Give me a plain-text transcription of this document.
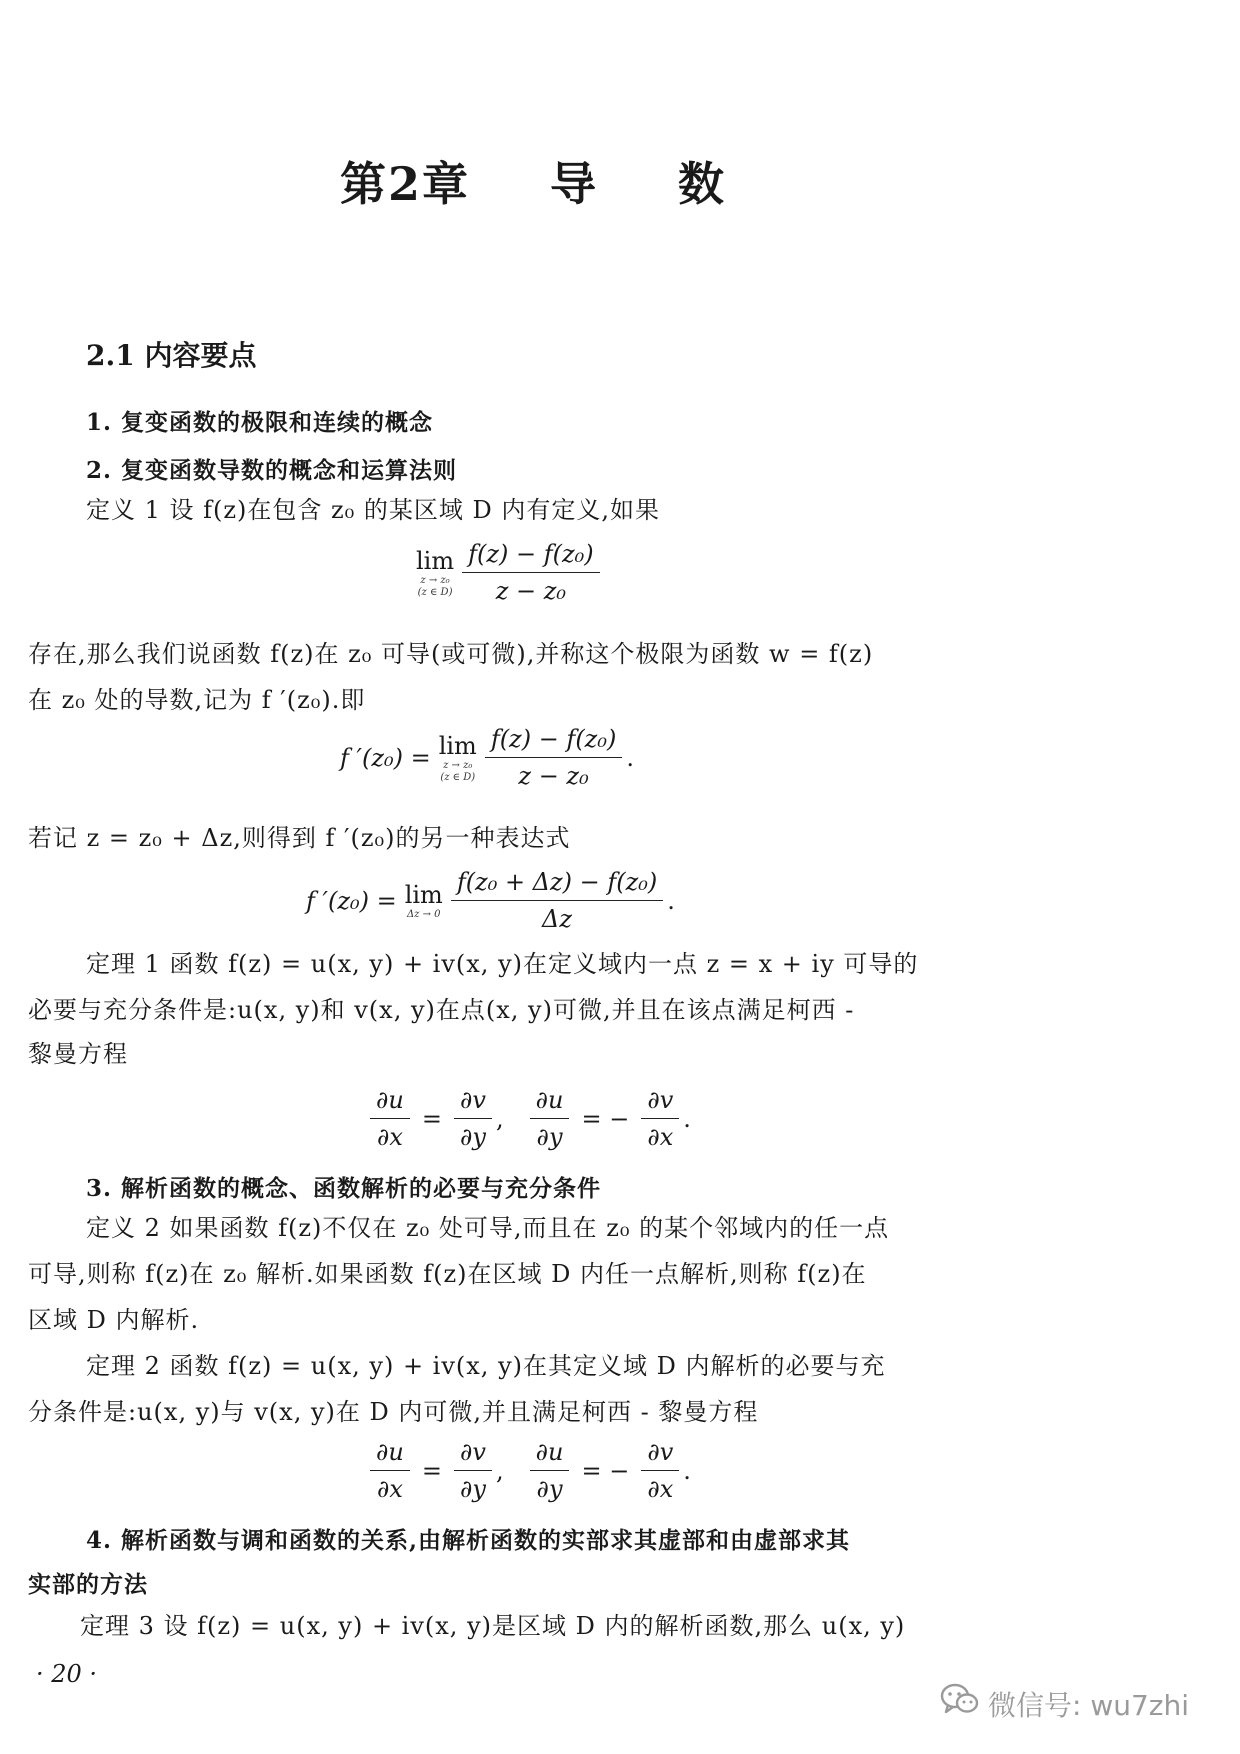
第2章 导 数
2.1 内容要点
1. 复变函数的极限和连续的概念
2. 复变函数导数的概念和运算法则
定义 1 设 f(z)在包含 z₀ 的某区域 D 内有定义,如果
lim
z → z₀
(z ∈ $D) \frac{\text{f(z) − f(z₀)}}{\text{z − z₀}}$
存在,那么我们说函数 f(z)在 z₀ 可导(或可微),并称这个极限为函数 w = f(z)
在 z₀ 处的导数,记为 f ′(z₀).即
f ′(z₀) = lim
z → z₀
(z ∈ $D) \frac{\text{f(z) − f(z₀)}}{\text{z − z₀}}$ .
若记 z = z₀ + Δz,则得到 f ′(z₀)的另一种表达式
f ′(z₀) = lim
$\Delta z \to 0 \frac{\text{f(z₀ + Δz) − f(z₀)}}{\Delta z}$ .
定理 1 函数 f(z) = u(x, y) + iv(x, y)在定义域内一点 z = x + iy 可导的
必要与充分条件是:u(x, y)和 v(x, y)在点(x, y)可微,并且在该点满足柯西 -
黎曼方程
$\frac{\partial u}{\partial x} = \frac{\partial v}{\partial y}$ , $\frac{\partial u}{\partial y}$ = − $\frac{\partial v}{\partial x}$ .
3. 解析函数的概念、函数解析的必要与充分条件
定义 2 如果函数 f(z)不仅在 z₀ 处可导,而且在 z₀ 的某个邻域内的任一点
可导,则称 f(z)在 z₀ 解析.如果函数 f(z)在区域 D 内任一点解析,则称 f(z)在
区域 D 内解析.
定理 2 函数 f(z) = u(x, y) + iv(x, y)在其定义域 D 内解析的必要与充
分条件是:u(x, y)与 v(x, y)在 D 内可微,并且满足柯西 - 黎曼方程
$\frac{\partial u}{\partial x} = \frac{\partial v}{\partial y}$ , $\frac{\partial u}{\partial y}$ = − $\frac{\partial v}{\partial x}$ .
4. 解析函数与调和函数的关系,由解析函数的实部求其虚部和由虚部求其
实部的方法
定理 3 设 f(z) = u(x, y) + iv(x, y)是区域 D 内的解析函数,那么 u(x, y)
· 20 ·
微信号: wu7zhi
